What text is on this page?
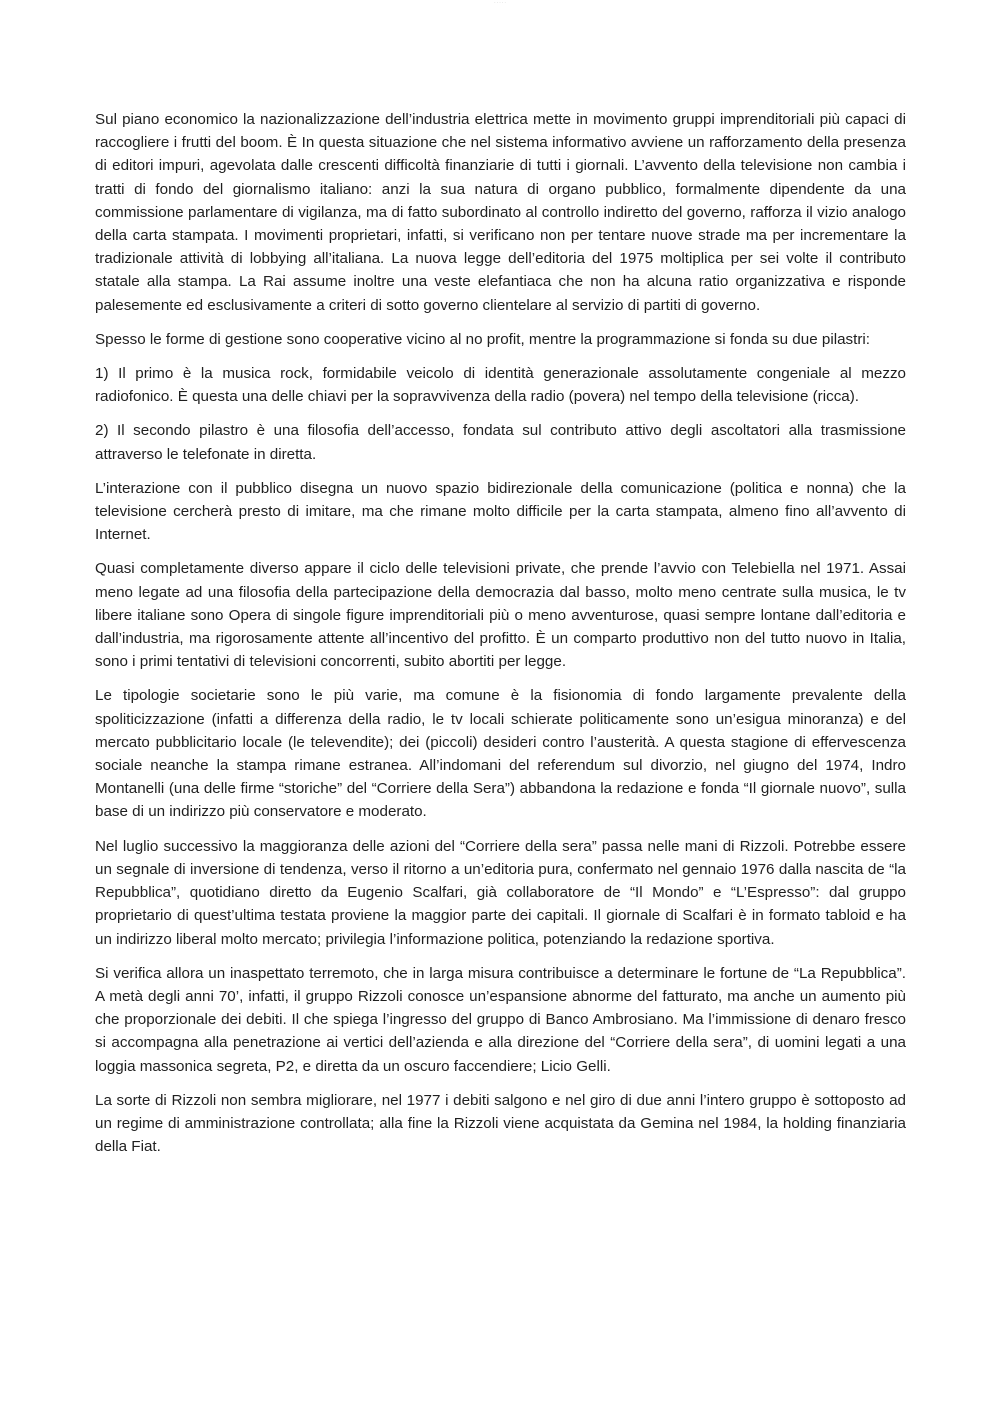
· · · · ·

Sul piano economico la nazionalizzazione dell’industria elettrica mette in movimento gruppi imprenditoriali più capaci di raccogliere i frutti del boom. È In questa situazione che nel sistema informativo avviene un rafforzamento della presenza di editori impuri, agevolata dalle crescenti difficoltà finanziarie di tutti i giornali. L’avvento della televisione non cambia i tratti di fondo del giornalismo italiano: anzi la sua natura di organo pubblico, formalmente dipendente da una commissione parlamentare di vigilanza, ma di fatto subordinato al controllo indiretto del governo, rafforza il vizio analogo della carta stampata. I movimenti proprietari, infatti, si verificano non per tentare nuove strade ma per incrementare la tradizionale attività di lobbying all’italiana. La nuova legge dell’editoria del 1975 moltiplica per sei volte il contributo statale alla stampa. La Rai assume inoltre una veste elefantiaca che non ha alcuna ratio organizzativa e risponde palesemente ed esclusivamente a criteri di sotto governo clientelare al servizio di partiti di governo.

Spesso le forme di gestione sono cooperative vicino al no profit, mentre la programmazione si fonda su due pilastri:

1) Il primo è la musica rock, formidabile veicolo di identità generazionale assolutamente congeniale al mezzo radiofonico. È questa una delle chiavi per la sopravvivenza della radio (povera) nel tempo della televisione (ricca).

2) Il secondo pilastro è una filosofia dell’accesso, fondata sul contributo attivo degli ascoltatori alla trasmissione attraverso le telefonate in diretta.

L’interazione con il pubblico disegna un nuovo spazio bidirezionale della comunicazione (politica e nonna) che la televisione cercherà presto di imitare, ma che rimane molto difficile per la carta stampata, almeno fino all’avvento di Internet.

Quasi completamente diverso appare il ciclo delle televisioni private, che prende l’avvio con Telebiella nel 1971. Assai meno legate ad una filosofia della partecipazione della democrazia dal basso, molto meno centrate sulla musica, le tv libere italiane sono Opera di singole figure imprenditoriali più o meno avventurose, quasi sempre lontane dall’editoria e dall’industria, ma rigorosamente attente all’incentivo del profitto. È un comparto produttivo non del tutto nuovo in Italia, sono i primi tentativi di televisioni concorrenti, subito abortiti per legge.

Le tipologie societarie sono le più varie, ma comune è la fisionomia di fondo largamente prevalente della spoliticizzazione (infatti a differenza della radio, le tv locali schierate politicamente sono un’esigua minoranza) e del mercato pubblicitario locale (le televendite); dei (piccoli) desideri contro l’austerità. A questa stagione di effervescenza sociale neanche la stampa rimane estranea. All’indomani del referendum sul divorzio, nel giugno del 1974, Indro Montanelli (una delle firme “storiche” del “Corriere della Sera”) abbandona la redazione e fonda “Il giornale nuovo”, sulla base di un indirizzo più conservatore e moderato.

Nel luglio successivo la maggioranza delle azioni del “Corriere della sera” passa nelle mani di Rizzoli. Potrebbe essere un segnale di inversione di tendenza, verso il ritorno a un’editoria pura, confermato nel gennaio 1976 dalla nascita de “la Repubblica”, quotidiano diretto da Eugenio Scalfari, già collaboratore de “Il Mondo” e “L’Espresso”: dal gruppo proprietario di quest’ultima testata proviene la maggior parte dei capitali. Il giornale di Scalfari è in formato tabloid e ha un indirizzo liberal molto mercato; privilegia l’informazione politica, potenziando la redazione sportiva.

Si verifica allora un inaspettato terremoto, che in larga misura contribuisce a determinare le fortune de “La Repubblica”. A metà degli anni 70’, infatti, il gruppo Rizzoli conosce un’espansione abnorme del fatturato, ma anche un aumento più che proporzionale dei debiti. Il che spiega l’ingresso del gruppo di Banco Ambrosiano. Ma l’immissione di denaro fresco si accompagna alla penetrazione ai vertici dell’azienda e alla direzione del “Corriere della sera”, di uomini legati a una loggia massonica segreta, P2, e diretta da un oscuro faccendiere; Licio Gelli.

La sorte di Rizzoli non sembra migliorare, nel 1977 i debiti salgono e nel giro di due anni l’intero gruppo è sottoposto ad un regime di amministrazione controllata; alla fine la Rizzoli viene acquistata da Gemina nel 1984, la holding finanziaria della Fiat.
